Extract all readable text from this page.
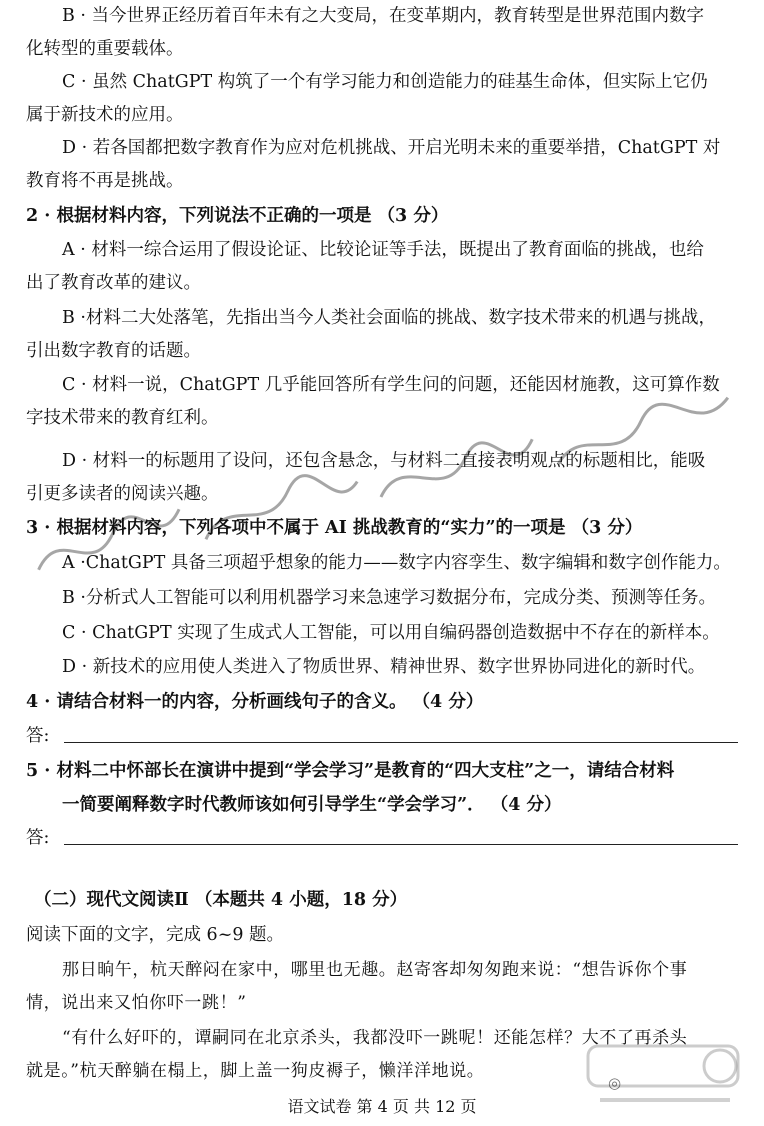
B · 当今世界正经历着百年未有之大变局，在变革期内，教育转型是世界范围内数字
化转型的重要载体。
C · 虽然 ChatGPT 构筑了一个有学习能力和创造能力的硅基生命体，但实际上它仍
属于新技术的应用。
D · 若各国都把数字教育作为应对危机挑战、开启光明未来的重要举措，ChatGPT 对
教育将不再是挑战。
2 · 根据材料内容，下列说法不正确的一项是 （3 分）
A · 材料一综合运用了假设论证、比较论证等手法，既提出了教育面临的挑战，也给
出了教育改革的建议。
B ·材料二大处落笔，先指出当今人类社会面临的挑战、数字技术带来的机遇与挑战，
引出数字教育的话题。
C · 材料一说，ChatGPT 几乎能回答所有学生问的问题，还能因材施教，这可算作数
字技术带来的教育红利。
D · 材料一的标题用了设问，还包含悬念，与材料二直接表明观点的标题相比，能吸
引更多读者的阅读兴趣。
3 · 根据材料内容，下列各项中不属于 AI 挑战教育的“实力”的一项是 （3 分）
A ·ChatGPT 具备三项超乎想象的能力——数字内容孪生、数字编辑和数字创作能力。
B ·分析式人工智能可以利用机器学习来急速学习数据分布，完成分类、预测等任务。
C · ChatGPT 实现了生成式人工智能，可以用自编码器创造数据中不存在的新样本。
D · 新技术的应用使人类进入了物质世界、精神世界、数字世界协同进化的新时代。
4 · 请结合材料一的内容，分析画线句子的含义。 （4 分）
答:
5 · 材料二中怀部长在演讲中提到“学会学习”是教育的“四大支柱”之一，请结合材料
一简要阐释数字时代教师该如何引导学生“学会学习”． （4 分）
答:
（二）现代文阅读Ⅱ （本题共 4 小题，18 分）
阅读下面的文字，完成 6~9 题。
那日晌午，杭天醉闷在家中，哪里也无趣。赵寄客却匆匆跑来说：“想告诉你个事
情，说出来又怕你吓一跳！”
“有什么好吓的，谭嗣同在北京杀头，我都没吓一跳呢！还能怎样？大不了再杀头
就是。”杭天醉躺在榻上，脚上盖一狗皮褥子，懒洋洋地说。
语文试卷 第 4 页 共 12 页
◎
